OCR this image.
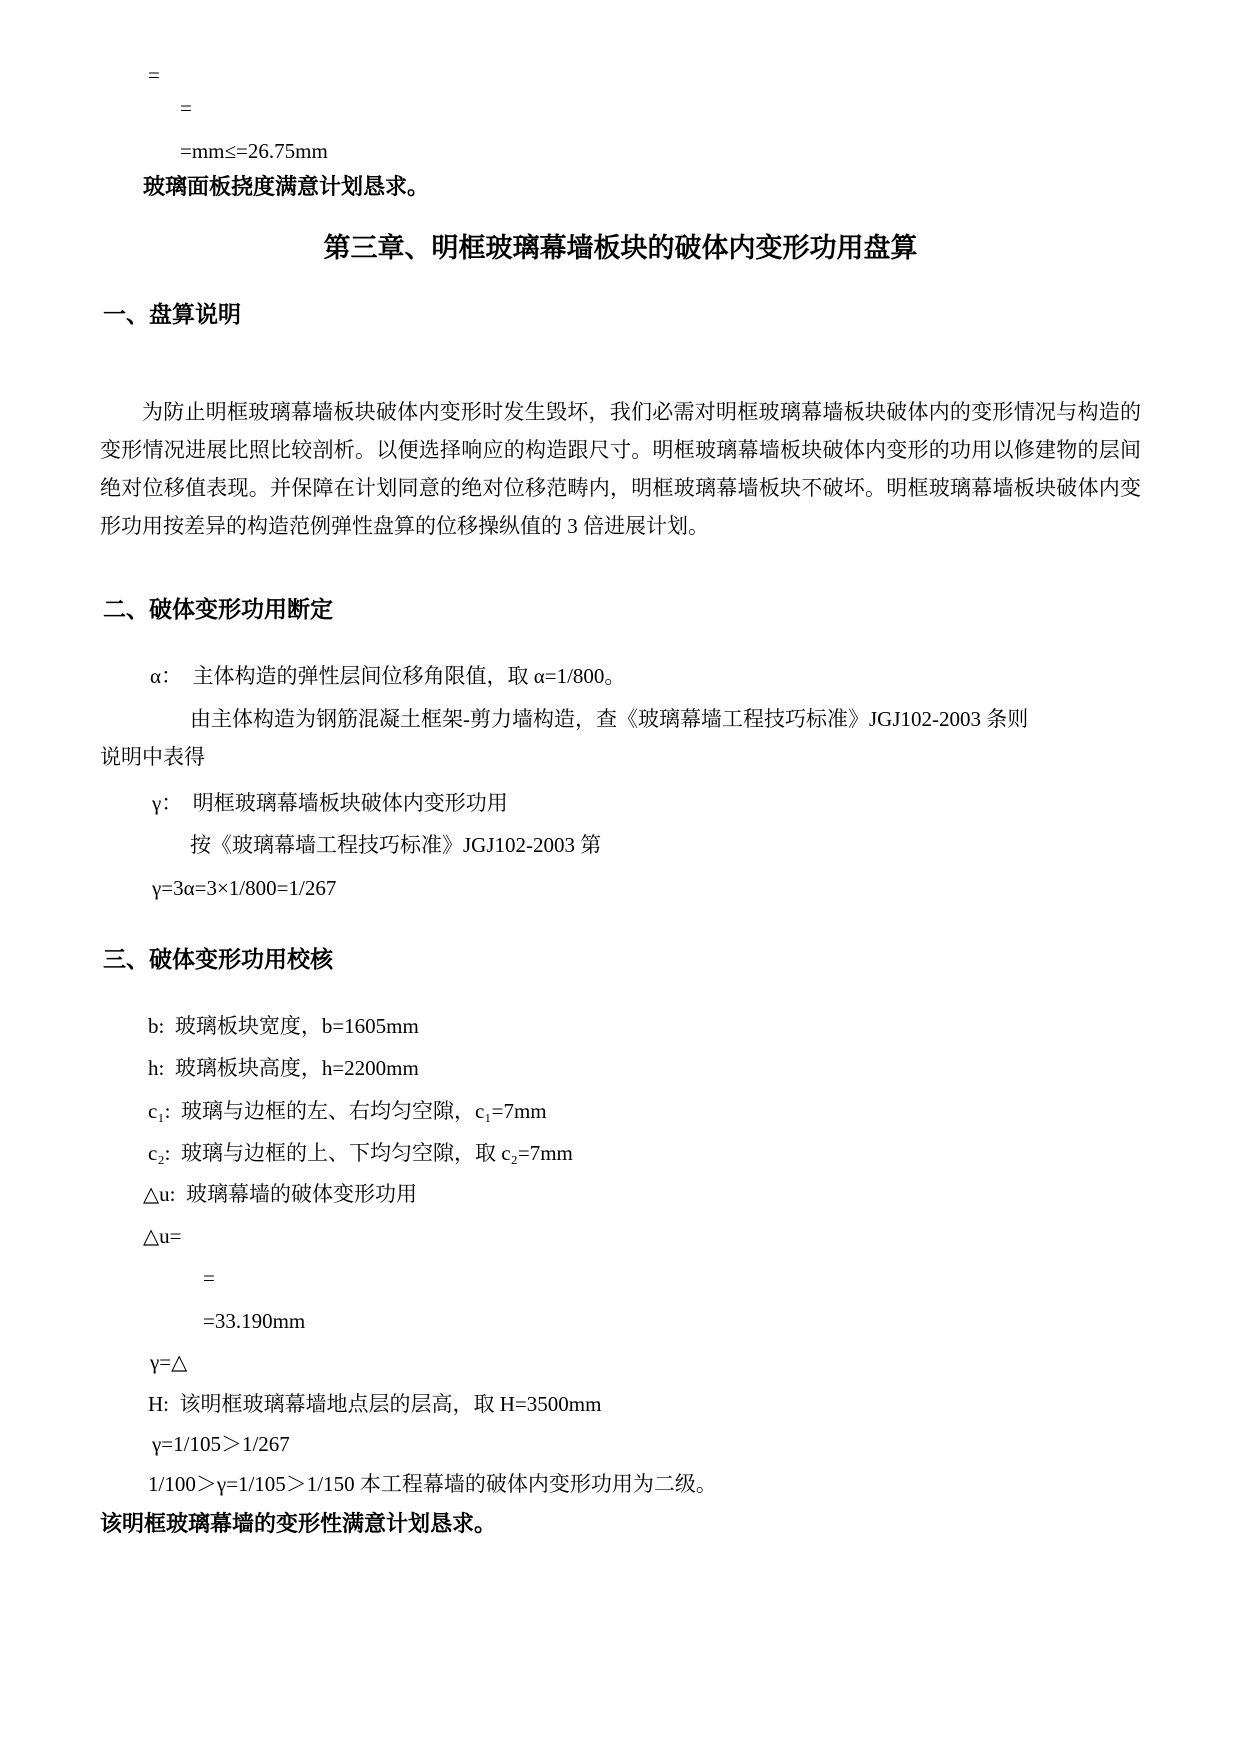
=
=
=mm≤=26.75mm
玻璃面板挠度满意计划恳求。
第三章、明框玻璃幕墙板块的破体内变形功用盘算
一、盘算说明
为防止明框玻璃幕墙板块破体内变形时发生毁坏，我们必需对明框玻璃幕墙板块破体内的变形情况与构造的变形情况进展比照比较剖析。以便选择响应的构造跟尺寸。明框玻璃幕墙板块破体内变形的功用以修建物的层间绝对位移值表现。并保障在计划同意的绝对位移范畴内，明框玻璃幕墙板块不破坏。明框玻璃幕墙板块破体内变形功用按差异的构造范例弹性盘算的位移操纵值的 3 倍进展计划。
二、破体变形功用断定
α：  主体构造的弹性层间位移角限值，取 α=1/800。
由主体构造为钢筋混凝土框架-剪力墙构造，查《玻璃幕墙工程技巧标准》JGJ102-2003 条则
说明中表得
γ：  明框玻璃幕墙板块破体内变形功用
按《玻璃幕墙工程技巧标准》JGJ102-2003 第
γ=3α=3×1/800=1/267
三、破体变形功用校核
b:  玻璃板块宽度，b=1605mm
h:  玻璃板块高度，h=2200mm
c₁:  玻璃与边框的左、右均匀空隙，c₁=7mm
c₂:  玻璃与边框的上、下均匀空隙，取 c₂=7mm
△u:  玻璃幕墙的破体变形功用
△u=
=
=33.190mm
γ=△
H:  该明框玻璃幕墙地点层的层高，取 H=3500mm
γ=1/105＞1/267
1/100＞γ=1/105＞1/150 本工程幕墙的破体内变形功用为二级。
该明框玻璃幕墙的变形性满意计划恳求。
